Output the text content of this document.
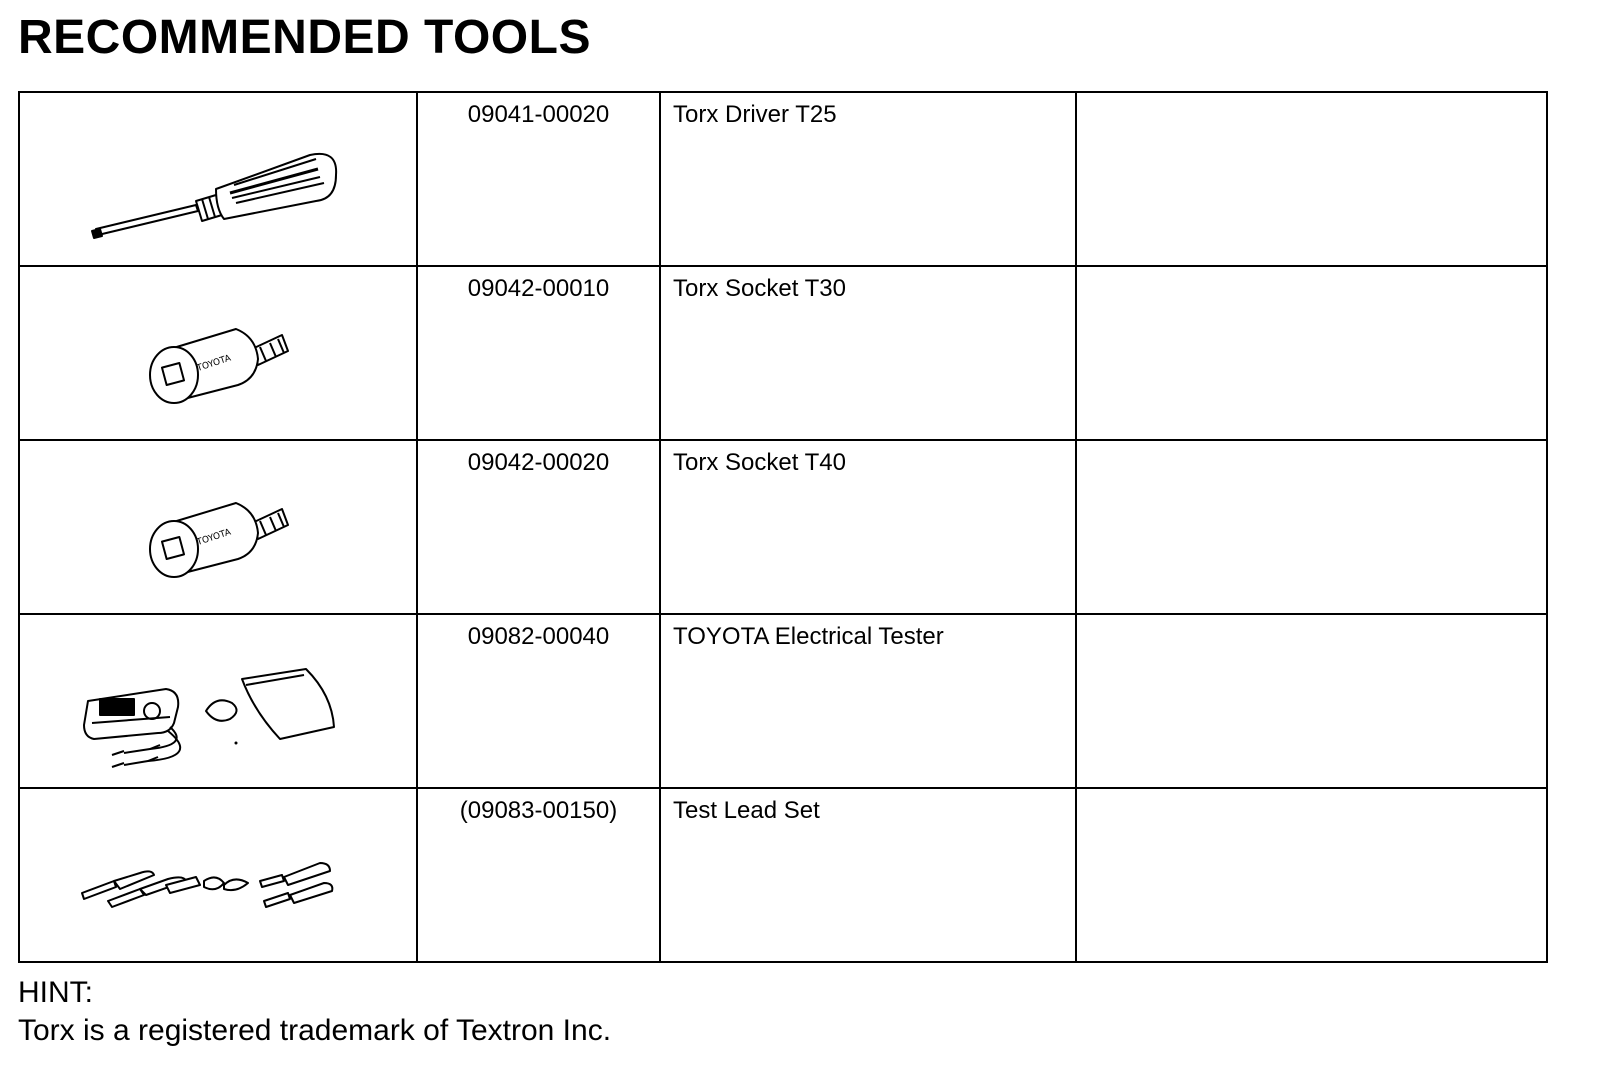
RECOMMENDED TOOLS

09041-00020	Torx Driver T25	

TOYOTA	09042-00010	Torx Socket T30	

TOYOTA	09042-00020	Torx Socket T40	

09082-00040	TOYOTA Electrical Tester	

(09083-00150)	Test Lead Set	

HINT:

Torx is a registered trademark of Textron Inc.
